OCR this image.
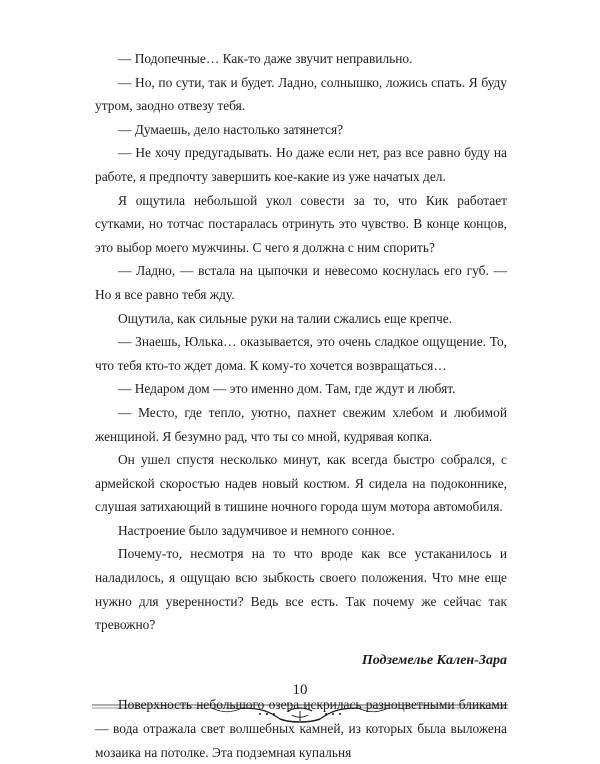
— Подопечные… Как-то даже звучит неправильно.

— Но, по сути, так и будет. Ладно, солнышко, ложись спать. Я буду утром, заодно отвезу тебя.

— Думаешь, дело настолько затянется?

— Не хочу предугадывать. Но даже если нет, раз все равно буду на работе, я предпочту завершить кое-какие из уже начатых дел.

Я ощутила небольшой укол совести за то, что Кик работает сутками, но тотчас постаралась отринуть это чувство. В конце концов, это выбор моего мужчины. С чего я должна с ним спорить?

— Ладно, — встала на цыпочки и невесомо коснулась его губ. — Но я все равно тебя жду.

Ощутила, как сильные руки на талии сжались еще крепче.

— Знаешь, Юлька… оказывается, это очень сладкое ощущение. То, что тебя кто-то ждет дома. К кому-то хочется возвращаться…

— Недаром дом — это именно дом. Там, где ждут и любят.

— Место, где тепло, уютно, пахнет свежим хлебом и любимой женщиной. Я безумно рад, что ты со мной, кудрявая копка.

Он ушел спустя несколько минут, как всегда быстро собрался, с армейской скоростью надев новый костюм. Я сидела на подоконнике, слушая затихающий в тишине ночного города шум мотора автомобиля.

Настроение было задумчивое и немного сонное.

Почему-то, несмотря на то что вроде как все устаканилось и наладилось, я ощущаю всю зыбкость своего положения. Что мне еще нужно для уверенности? Ведь все есть. Так почему же сейчас так тревожно?

Подземелье Кален-Зара

Поверхность небольшого озера искрилась разноцветными бликами — вода отражала свет волшебных камней, из которых была выложена мозаика на потолке. Эта подземная купальня

10
